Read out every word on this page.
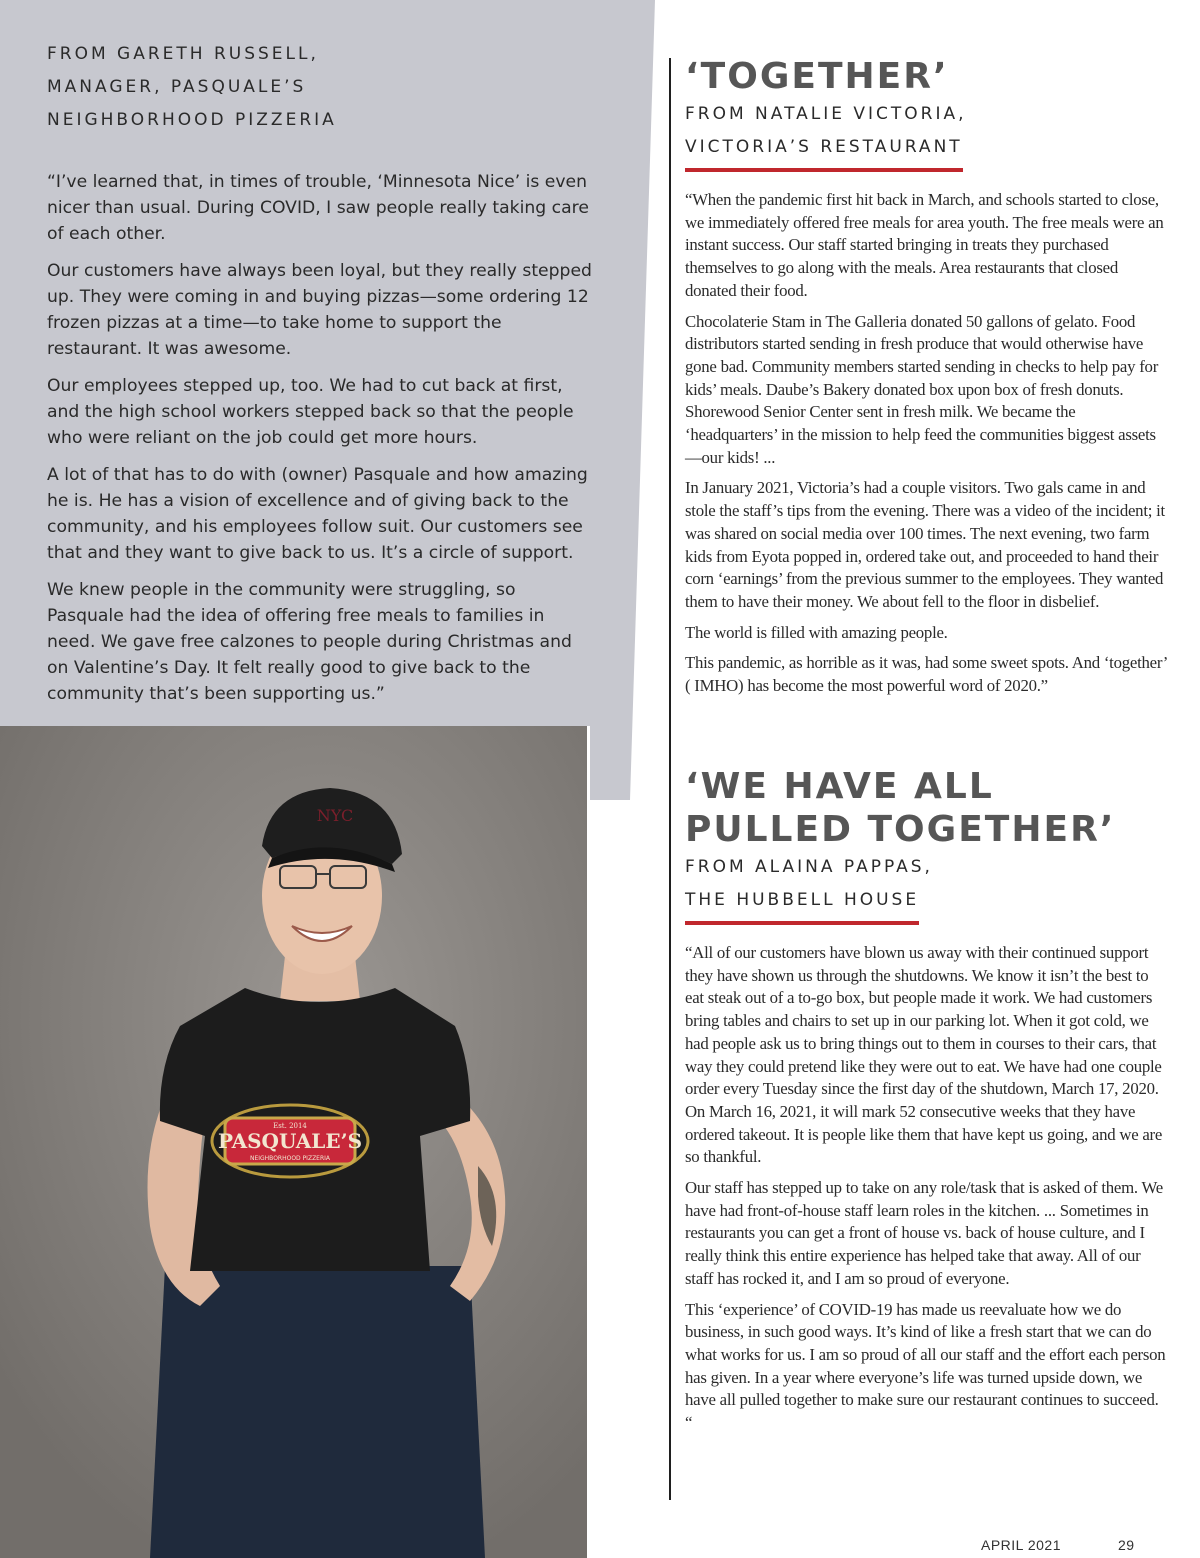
FROM GARETH RUSSELL,

MANAGER, PASQUALE’S

NEIGHBORHOOD PIZZERIA

“I’ve learned that, in times of trouble, ‘Minnesota Nice’ is even nicer than usual. During COVID, I saw people really taking care of each other.

Our customers have always been loyal, but they really stepped up. They were coming in and buying pizzas—some ordering 12 frozen pizzas at a time—to take home to support the restaurant. It was awesome.

Our employees stepped up, too. We had to cut back at first, and the high school workers stepped back so that the people who were reliant on the job could get more hours.

A lot of that has to do with (owner) Pasquale and how amazing he is. He has a vision of excellence and of giving back to the community, and his employees follow suit. Our customers see that and they want to give back to us. It’s a circle of support.

We knew people in the community were struggling, so Pasquale had the idea of offering free meals to families in need. We gave free calzones to people during Christmas and on Valentine’s Day. It felt really good to give back to the community that’s been supporting us.”

PASQUALE’S
NEIGHBORHOOD PIZZERIA
Est. 2014
NYC
‘TOGETHER’

FROM NATALIE VICTORIA,

VICTORIA’S RESTAURANT

“When the pandemic first hit back in March, and schools started to close, we immediately offered free meals for area youth. The free meals were an instant success. Our staff started bringing in treats they purchased themselves to go along with the meals. Area restaurants that closed donated their food.

Chocolaterie Stam in The Galleria donated 50 gallons of gelato. Food distributors started sending in fresh produce that would otherwise have gone bad. Community members started sending in checks to help pay for kids’ meals. Daube’s Bakery donated box upon box of fresh donuts. Shorewood Senior Center sent in fresh milk. We became the ‘headquarters’ in the mission to help feed the communities biggest assets—our kids! ...

In January 2021, Victoria’s had a couple visitors. Two gals came in and stole the staff’s tips from the evening. There was a video of the incident; it was shared on social media over 100 times. The next evening, two farm kids from Eyota popped in, ordered take out, and proceeded to hand their corn ‘earnings’ from the previous summer to the employees. They wanted them to have their money. We about fell to the floor in disbelief.

The world is filled with amazing people.

This pandemic, as horrible as it was, had some sweet spots. And ‘together’ ( IMHO) has become the most powerful word of 2020.”

‘WE HAVE ALL
PULLED TOGETHER’

FROM ALAINA PAPPAS,

THE HUBBELL HOUSE

“All of our customers have blown us away with their continued support they have shown us through the shutdowns. We know it isn’t the best to eat steak out of a to-go box, but people made it work. We had customers bring tables and chairs to set up in our parking lot. When it got cold, we had people ask us to bring things out to them in courses to their cars, that way they could pretend like they were out to eat. We have had one couple order every Tuesday since the first day of the shutdown, March 17, 2020. On March 16, 2021, it will mark 52 consecutive weeks that they have ordered takeout. It is people like them that have kept us going, and we are so thankful.

Our staff has stepped up to take on any role/task that is asked of them. We have had front-of-house staff learn roles in the kitchen. ... Sometimes in restaurants you can get a front of house vs. back of house culture, and I really think this entire experience has helped take that away. All of our staff has rocked it, and I am so proud of everyone.

This ‘experience’ of COVID-19 has made us reevaluate how we do business, in such good ways. It’s kind of like a fresh start that we can do what works for us. I am so proud of all our staff and the effort each person has given. In a year where everyone’s life was turned upside down, we have all pulled together to make sure our restaurant continues to succeed. “

APRIL 2021	29
